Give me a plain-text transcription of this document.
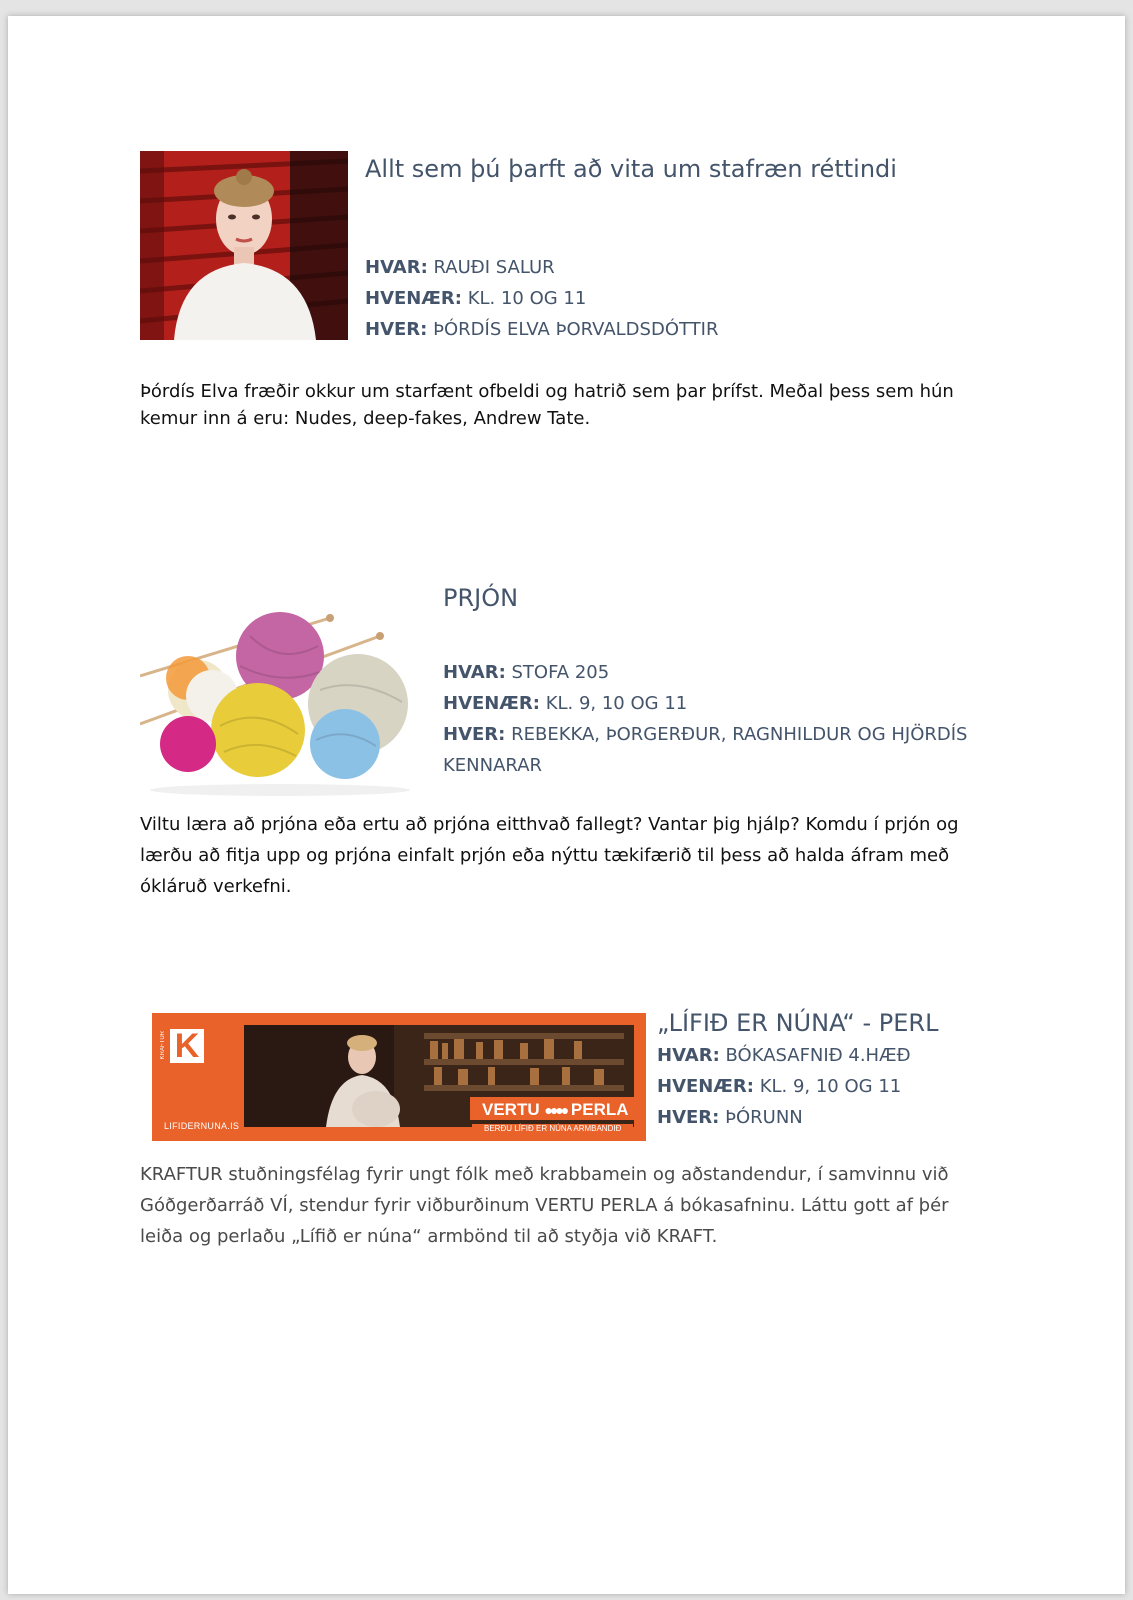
Allt sem þú þarft að vita um stafræn réttindi
HVAR: RAUÐI SALUR
HVENÆR: KL. 10 OG 11
HVER: ÞÓRDÍS ELVA ÞORVALDSDÓTTIR
Þórdís Elva fræðir okkur um starfænt ofbeldi og hatrið sem þar þrífst. Meðal þess sem hún kemur inn á eru: Nudes, deep-fakes, Andrew Tate.
PRJÓN
HVAR: STOFA 205
HVENÆR: KL. 9, 10 OG 11
HVER: REBEKKA, ÞORGERÐUR, RAGNHILDUR OG HJÖRDÍS KENNARAR
Viltu læra að prjóna eða ertu að prjóna eitthvað fallegt? Vantar þig hjálp? Komdu í prjón og lærðu að fitja upp og prjóna einfalt prjón eða nýttu tækifærið til þess að halda áfram með ókláruð verkefni.
KRAFTUR K
VERTU ●●●● PERLA
BERÐU LÍFIÐ ER NÚNA ARMBANDIÐ
LIFIDERNUNA.IS
„LÍFIÐ ER NÚNA“ - PERL
HVAR: BÓKASAFNIÐ 4.HÆÐ
HVENÆR: KL. 9, 10 OG 11
HVER: ÞÓRUNN
KRAFTUR stuðningsfélag fyrir ungt fólk með krabbamein og aðstandendur, í samvinnu við Góðgerðarráð VÍ, stendur fyrir viðburðinum VERTU PERLA á bókasafninu. Láttu gott af þér leiða og perlaðu „Lífið er núna“ armbönd til að styðja við KRAFT.
